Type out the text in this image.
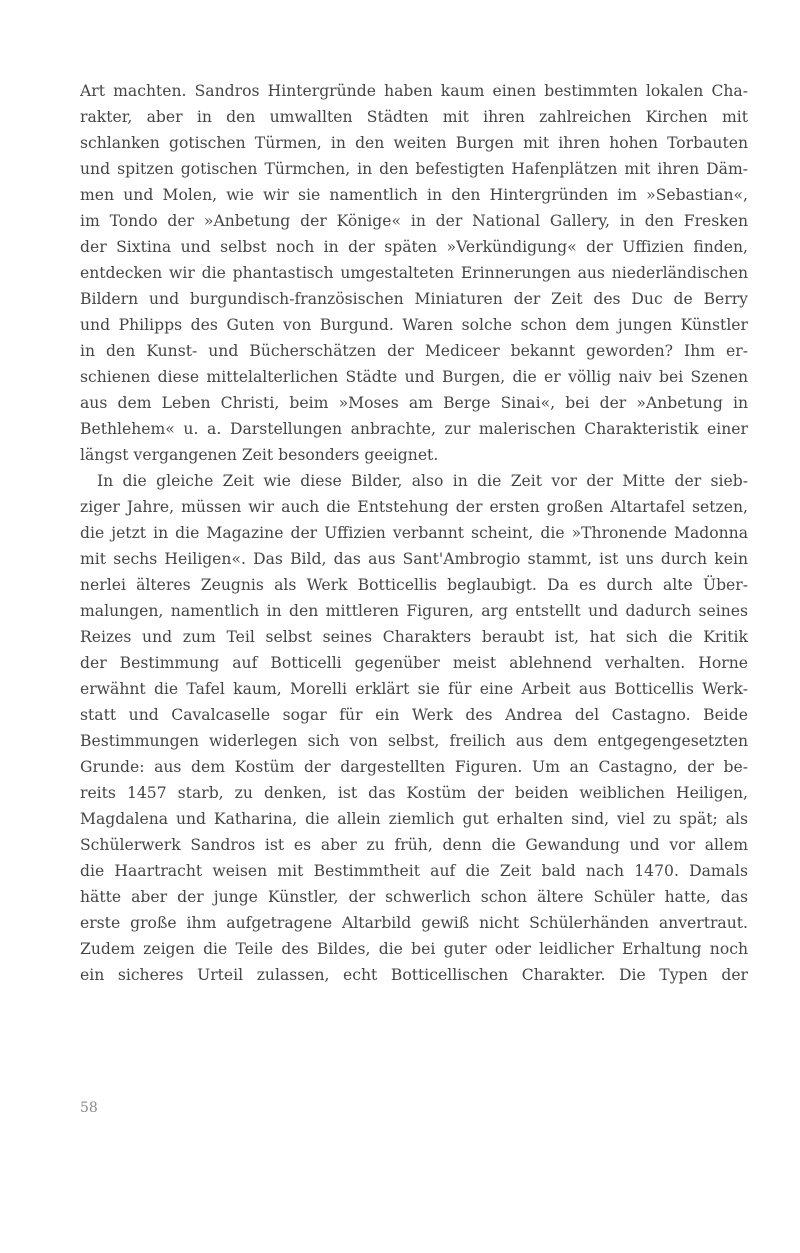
Art machten. Sandros Hintergründe haben kaum einen bestimmten lokalen Cha-
rakter, aber in den umwallten Städten mit ihren zahlreichen Kirchen mit
schlanken gotischen Türmen, in den weiten Burgen mit ihren hohen Torbauten
und spitzen gotischen Türmchen, in den befestigten Hafenplätzen mit ihren Däm-
men und Molen, wie wir sie namentlich in den Hintergründen im »Sebastian«,
im Tondo der »Anbetung der Könige« in der National Gallery, in den Fresken
der Sixtina und selbst noch in der späten »Verkündigung« der Uffizien finden,
entdecken wir die phantastisch umgestalteten Erinnerungen aus niederländischen
Bildern und burgundisch-französischen Miniaturen der Zeit des Duc de Berry
und Philipps des Guten von Burgund. Waren solche schon dem jungen Künstler
in den Kunst- und Bücherschätzen der Mediceer bekannt geworden? Ihm er-
schienen diese mittelalterlichen Städte und Burgen, die er völlig naiv bei Szenen
aus dem Leben Christi, beim »Moses am Berge Sinai«, bei der »Anbetung in
Bethlehem« u. a. Darstellungen anbrachte, zur malerischen Charakteristik einer
längst vergangenen Zeit besonders geeignet.
In die gleiche Zeit wie diese Bilder, also in die Zeit vor der Mitte der sieb-
ziger Jahre, müssen wir auch die Entstehung der ersten großen Altartafel setzen,
die jetzt in die Magazine der Uffizien verbannt scheint, die »Thronende Madonna
mit sechs Heiligen«. Das Bild, das aus Sant'Ambrogio stammt, ist uns durch kein
nerlei älteres Zeugnis als Werk Botticellis beglaubigt. Da es durch alte Über-
malungen, namentlich in den mittleren Figuren, arg entstellt und dadurch seines
Reizes und zum Teil selbst seines Charakters beraubt ist, hat sich die Kritik
der Bestimmung auf Botticelli gegenüber meist ablehnend verhalten. Horne
erwähnt die Tafel kaum, Morelli erklärt sie für eine Arbeit aus Botticellis Werk-
statt und Cavalcaselle sogar für ein Werk des Andrea del Castagno. Beide
Bestimmungen widerlegen sich von selbst, freilich aus dem entgegengesetzten
Grunde: aus dem Kostüm der dargestellten Figuren. Um an Castagno, der be-
reits 1457 starb, zu denken, ist das Kostüm der beiden weiblichen Heiligen,
Magdalena und Katharina, die allein ziemlich gut erhalten sind, viel zu spät; als
Schülerwerk Sandros ist es aber zu früh, denn die Gewandung und vor allem
die Haartracht weisen mit Bestimmtheit auf die Zeit bald nach 1470. Damals
hätte aber der junge Künstler, der schwerlich schon ältere Schüler hatte, das
erste große ihm aufgetragene Altarbild gewiß nicht Schülerhänden anvertraut.
Zudem zeigen die Teile des Bildes, die bei guter oder leidlicher Erhaltung noch
ein sicheres Urteil zulassen, echt Botticellischen Charakter. Die Typen der
58
